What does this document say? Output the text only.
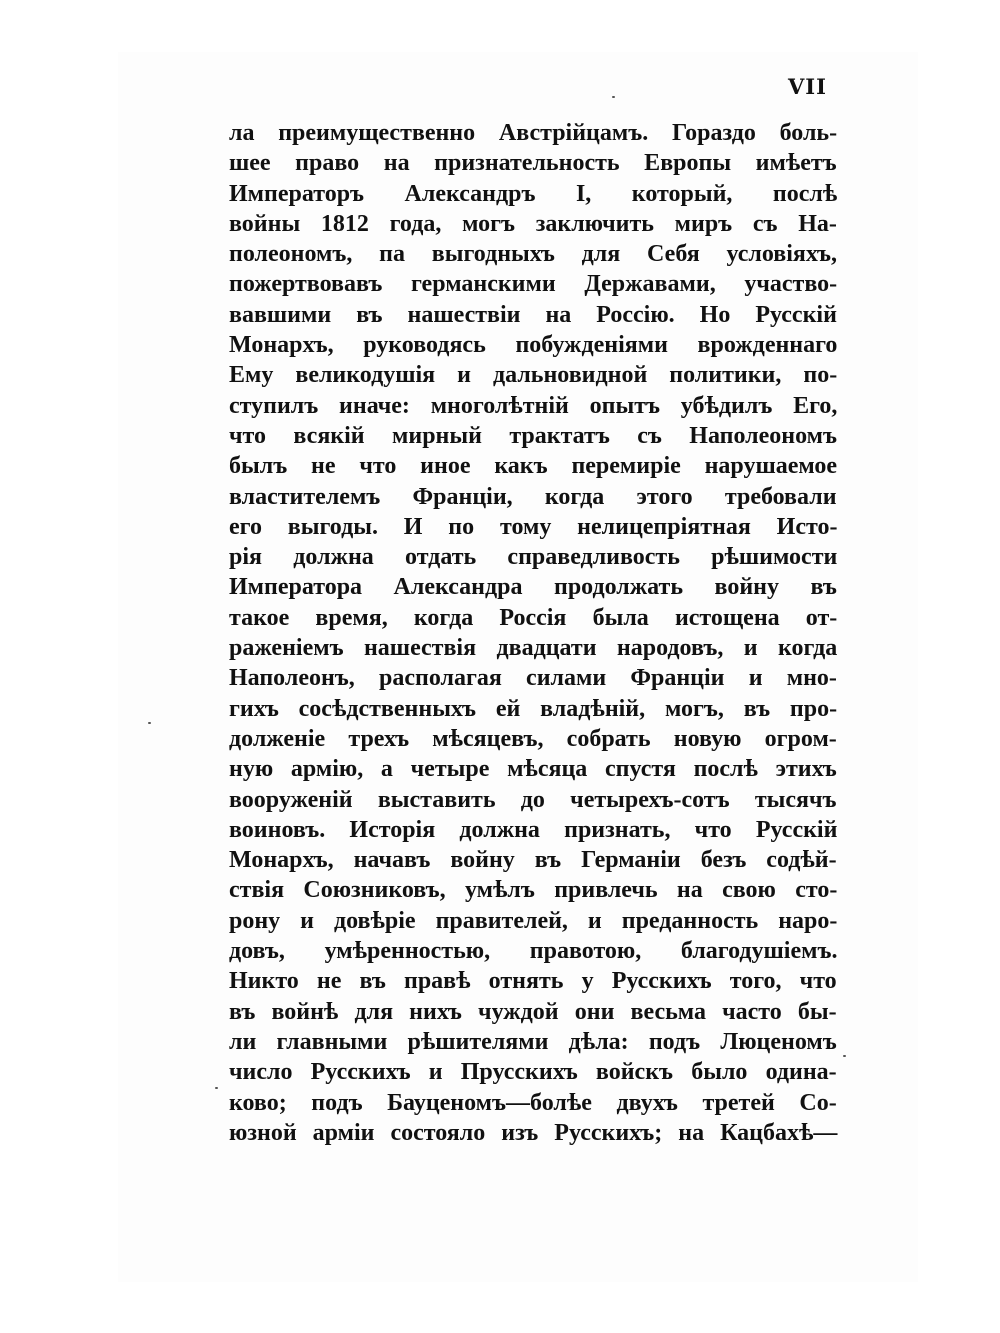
VII
ла преимущественно Австрійцамъ. Гораздо боль-
шее право на признательность Европы имѣетъ
Императоръ Александръ I, который, послѣ
войны 1812 года, могъ заключить миръ съ На-
полеономъ, па выгодныхъ для Себя условіяхъ,
пожертвовавъ германскими Державами, участво-
вавшими въ нашествіи на Россію. Но Русскій
Монархъ, руководясь побужденіями врожденнаго
Ему великодушія и дальновидной политики, по-
ступилъ иначе: многолѣтній опытъ убѣдилъ Его,
что всякій мирный трактатъ съ Наполеономъ
былъ не что иное какъ перемиріе нарушаемое
властителемъ Франціи, когда этого требовали
его выгоды. И по тому нелицепріятная Исто-
рія должна отдать справедливость рѣшимости
Императора Александра продолжать войну въ
такое время, когда Россія была истощена от-
раженіемъ нашествія двадцати народовъ, и когда
Наполеонъ, располагая силами Франціи и мно-
гихъ сосѣдственныхъ ей владѣній, могъ, въ про-
долженіе трехъ мѣсяцевъ, собрать новую огром-
ную армію, а четыре мѣсяца спустя послѣ этихъ
вооруженій выставить до четырехъ-сотъ тысячъ
воиновъ. Исторія должна признать, что Русскій
Монархъ, начавъ войну въ Германіи безъ содѣй-
ствія Союзниковъ, умѣлъ привлечь на свою сто-
рону и довѣріе правителей, и преданность наро-
довъ, умѣренностью, правотою, благодушіемъ.
Никто не въ правѣ отнять у Русскихъ того, что
въ войнѣ для нихъ чуждой они весьма часто бы-
ли главными рѣшителями дѣла: подъ Люценомъ
число Русскихъ и Прусскихъ войскъ было одина-
ково; подъ Бауценомъ—болѣе двухъ третей Со-
юзной арміи состояло изъ Русскихъ; на Кацбахѣ—
